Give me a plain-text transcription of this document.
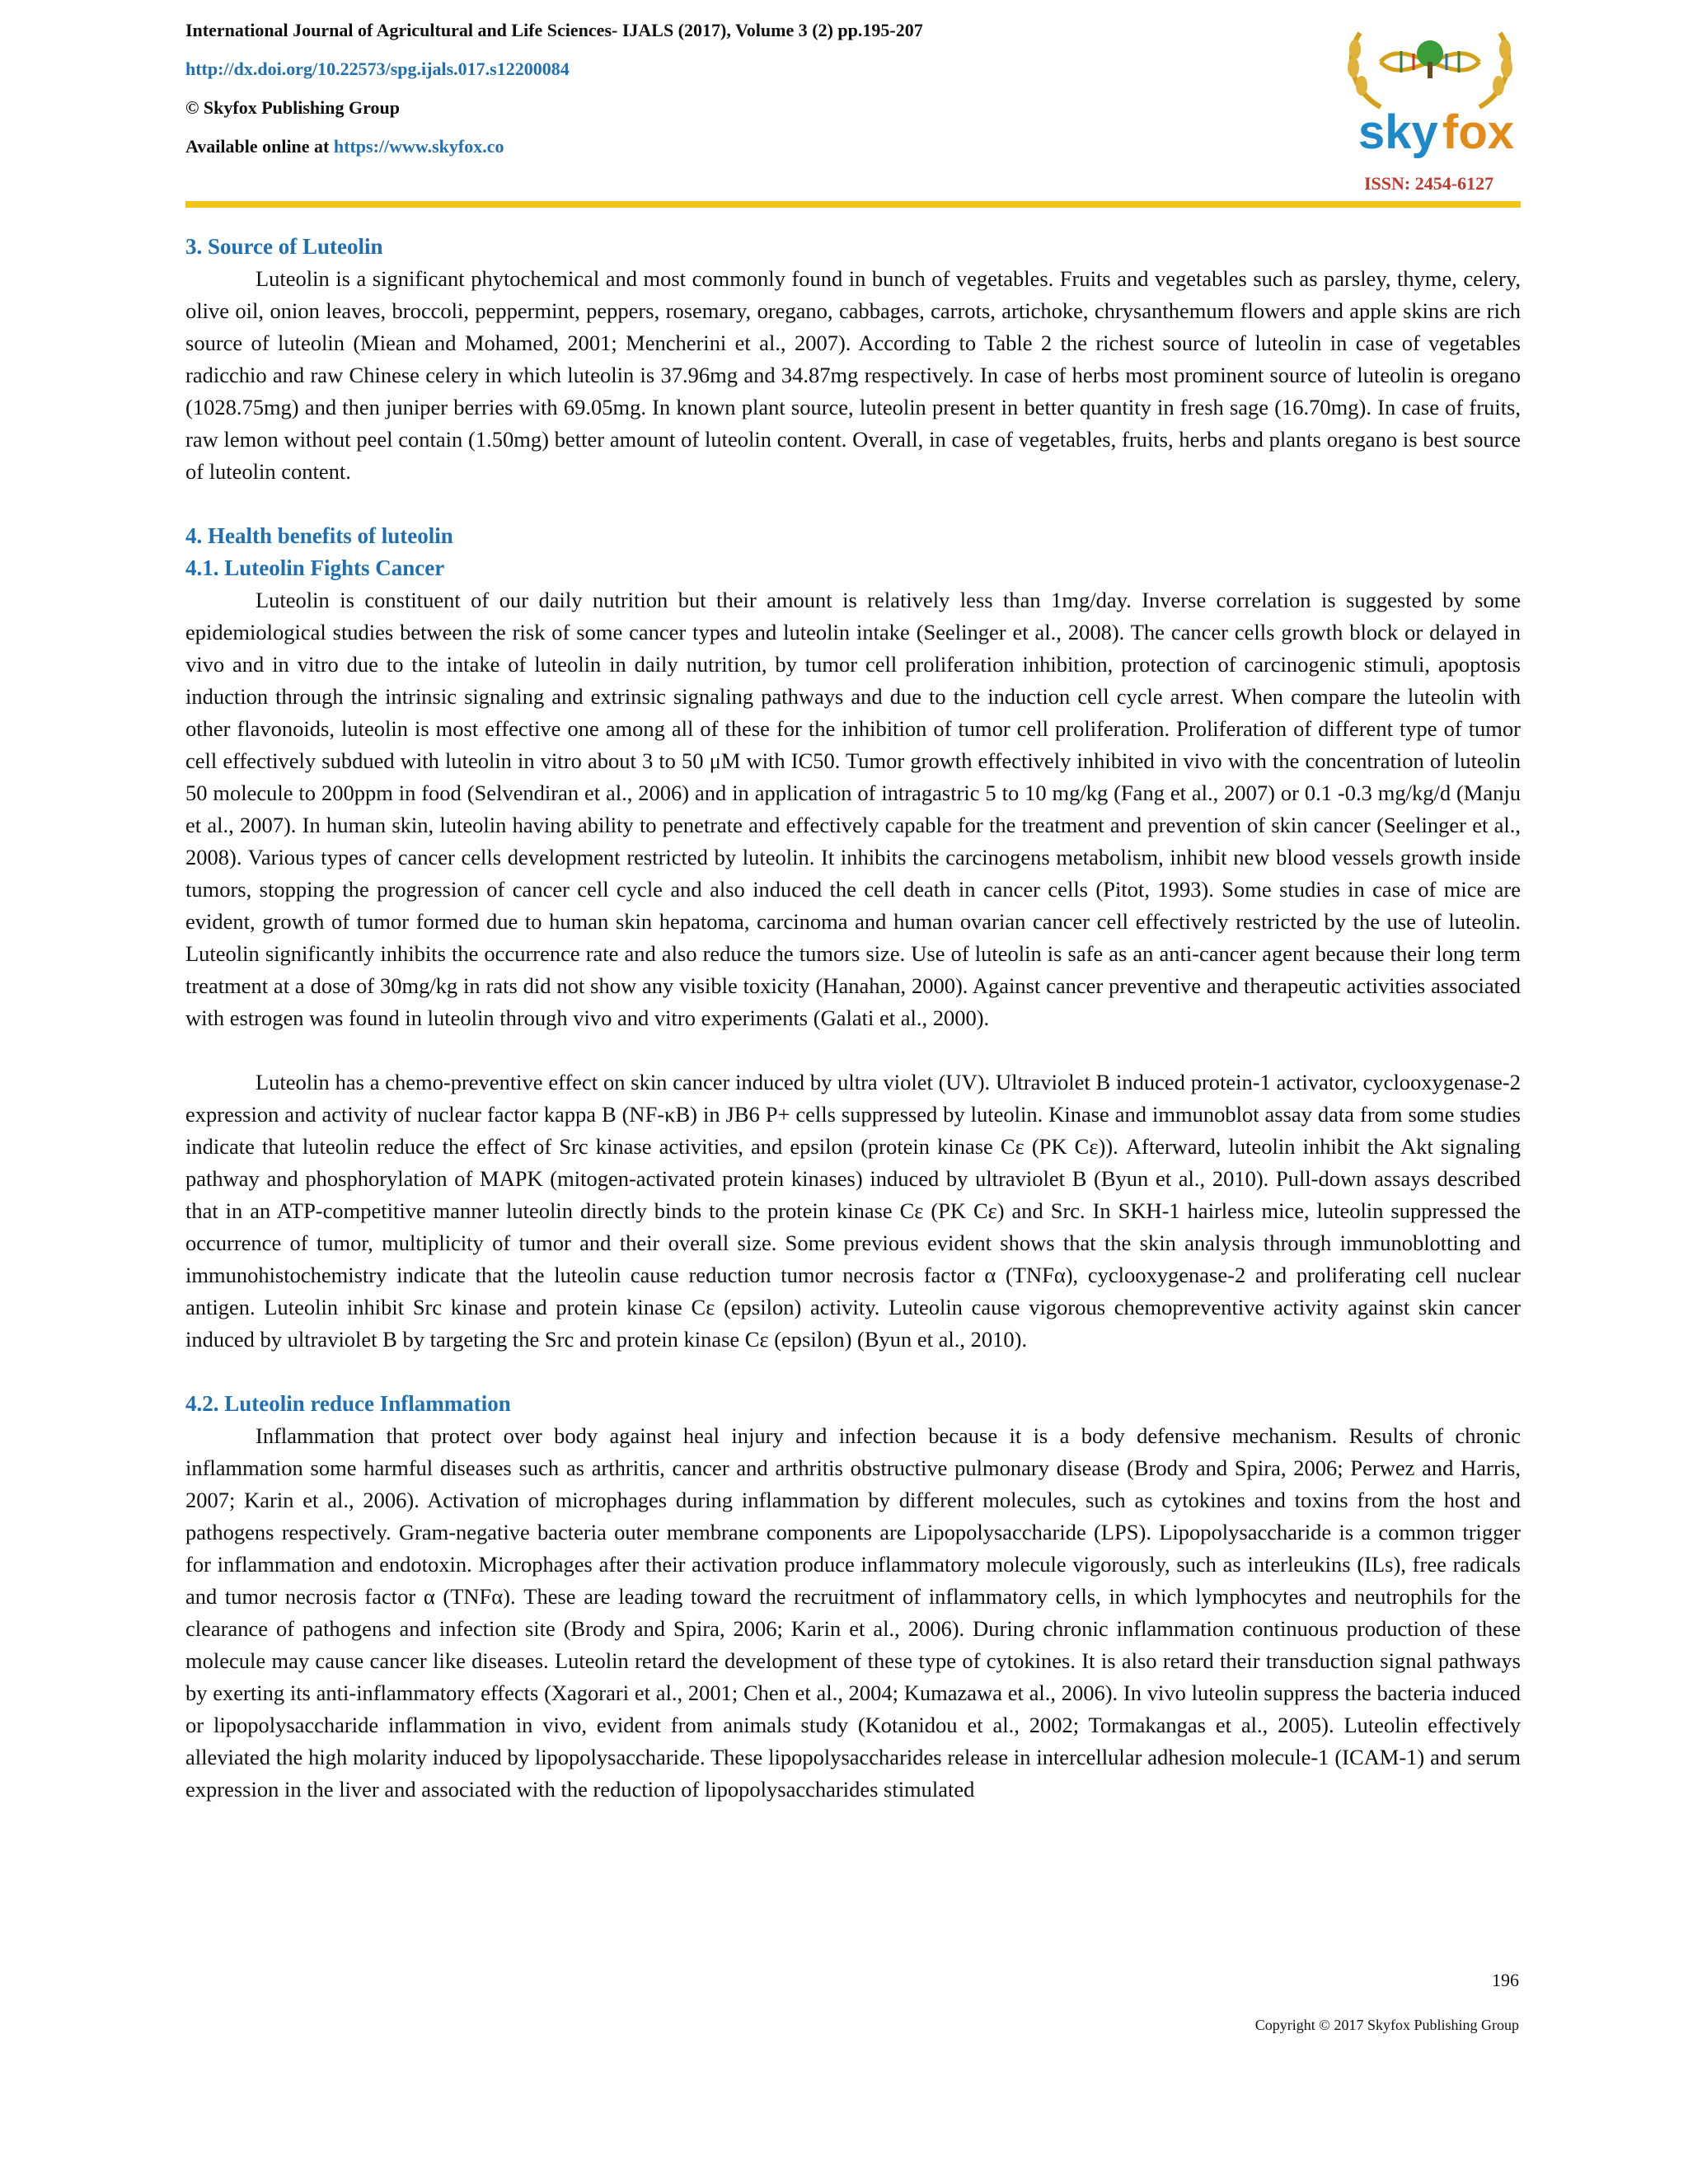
International Journal of Agricultural and Life Sciences- IJALS (2017), Volume 3 (2) pp.195-207
http://dx.doi.org/10.22573/spg.ijals.017.s12200084
© Skyfox Publishing Group
Available online at https://www.skyfox.co	sky fox
ISSN: 2454-6127
3. Source of Luteolin

Luteolin is a significant phytochemical and most commonly found in bunch of vegetables. Fruits and vegetables such as parsley, thyme, celery, olive oil, onion leaves, broccoli, peppermint, peppers, rosemary, oregano, cabbages, carrots, artichoke, chrysanthemum flowers and apple skins are rich source of luteolin (Miean and Mohamed, 2001; Mencherini et al., 2007). According to Table 2 the richest source of luteolin in case of vegetables radicchio and raw Chinese celery in which luteolin is 37.96mg and 34.87mg respectively. In case of herbs most prominent source of luteolin is oregano (1028.75mg) and then juniper berries with 69.05mg. In known plant source, luteolin present in better quantity in fresh sage (16.70mg). In case of fruits, raw lemon without peel contain (1.50mg) better amount of luteolin content. Overall, in case of vegetables, fruits, herbs and plants oregano is best source of luteolin content.

4. Health benefits of luteolin
4.1. Luteolin Fights Cancer

Luteolin is constituent of our daily nutrition but their amount is relatively less than 1mg/day. Inverse correlation is suggested by some epidemiological studies between the risk of some cancer types and luteolin intake (Seelinger et al., 2008). The cancer cells growth block or delayed in vivo and in vitro due to the intake of luteolin in daily nutrition, by tumor cell proliferation inhibition, protection of carcinogenic stimuli, apoptosis induction through the intrinsic signaling and extrinsic signaling pathways and due to the induction cell cycle arrest. When compare the luteolin with other flavonoids, luteolin is most effective one among all of these for the inhibition of tumor cell proliferation. Proliferation of different type of tumor cell effectively subdued with luteolin in vitro about 3 to 50 μM with IC50. Tumor growth effectively inhibited in vivo with the concentration of luteolin 50 molecule to 200ppm in food (Selvendiran et al., 2006) and in application of intragastric 5 to 10 mg/kg (Fang et al., 2007) or 0.1 -0.3 mg/kg/d (Manju et al., 2007). In human skin, luteolin having ability to penetrate and effectively capable for the treatment and prevention of skin cancer (Seelinger et al., 2008). Various types of cancer cells development restricted by luteolin. It inhibits the carcinogens metabolism, inhibit new blood vessels growth inside tumors, stopping the progression of cancer cell cycle and also induced the cell death in cancer cells (Pitot, 1993). Some studies in case of mice are evident, growth of tumor formed due to human skin hepatoma, carcinoma and human ovarian cancer cell effectively restricted by the use of luteolin. Luteolin significantly inhibits the occurrence rate and also reduce the tumors size. Use of luteolin is safe as an anti-cancer agent because their long term treatment at a dose of 30mg/kg in rats did not show any visible toxicity (Hanahan, 2000). Against cancer preventive and therapeutic activities associated with estrogen was found in luteolin through vivo and vitro experiments (Galati et al., 2000).

Luteolin has a chemo-preventive effect on skin cancer induced by ultra violet (UV). Ultraviolet B induced protein-1 activator, cyclooxygenase-2 expression and activity of nuclear factor kappa B (NF-κB) in JB6 P+ cells suppressed by luteolin. Kinase and immunoblot assay data from some studies indicate that luteolin reduce the effect of Src kinase activities, and epsilon (protein kinase Cε (PK Cε)). Afterward, luteolin inhibit the Akt signaling pathway and phosphorylation of MAPK (mitogen-activated protein kinases) induced by ultraviolet B (Byun et al., 2010). Pull-down assays described that in an ATP-competitive manner luteolin directly binds to the protein kinase Cε (PK Cε) and Src. In SKH-1 hairless mice, luteolin suppressed the occurrence of tumor, multiplicity of tumor and their overall size. Some previous evident shows that the skin analysis through immunoblotting and immunohistochemistry indicate that the luteolin cause reduction tumor necrosis factor α (TNFα), cyclooxygenase-2 and proliferating cell nuclear antigen. Luteolin inhibit Src kinase and protein kinase Cε (epsilon) activity. Luteolin cause vigorous chemopreventive activity against skin cancer induced by ultraviolet B by targeting the Src and protein kinase Cε (epsilon) (Byun et al., 2010).

4.2. Luteolin reduce Inflammation

Inflammation that protect over body against heal injury and infection because it is a body defensive mechanism. Results of chronic inflammation some harmful diseases such as arthritis, cancer and arthritis obstructive pulmonary disease (Brody and Spira, 2006; Perwez and Harris, 2007; Karin et al., 2006). Activation of microphages during inflammation by different molecules, such as cytokines and toxins from the host and pathogens respectively. Gram-negative bacteria outer membrane components are Lipopolysaccharide (LPS). Lipopolysaccharide is a common trigger for inflammation and endotoxin. Microphages after their activation produce inflammatory molecule vigorously, such as interleukins (ILs), free radicals and tumor necrosis factor α (TNFα). These are leading toward the recruitment of inflammatory cells, in which lymphocytes and neutrophils for the clearance of pathogens and infection site (Brody and Spira, 2006; Karin et al., 2006). During chronic inflammation continuous production of these molecule may cause cancer like diseases. Luteolin retard the development of these type of cytokines. It is also retard their transduction signal pathways by exerting its anti-inflammatory effects (Xagorari et al., 2001; Chen et al., 2004; Kumazawa et al., 2006). In vivo luteolin suppress the bacteria induced or lipopolysaccharide inflammation in vivo, evident from animals study (Kotanidou et al., 2002; Tormakangas et al., 2005). Luteolin effectively alleviated the high molarity induced by lipopolysaccharide. These lipopolysaccharides release in intercellular adhesion molecule-1 (ICAM-1) and serum expression in the liver and associated with the reduction of lipopolysaccharides stimulated

196
Copyright © 2017 Skyfox Publishing Group
